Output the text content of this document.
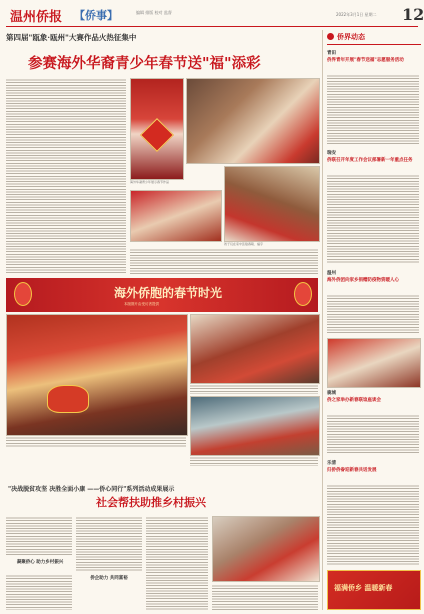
温州侨报 【侨事】	编辑 排版 校对 监督	2022年3月1日 星期二 12
第四届"瓯象·瓯州"大赛作品火热征集中
参赛海外华裔青少年春节送"福"添彩
海外华裔青少年展示春节作品
孩子们在家中张贴春联、福字
海外侨胞的春节时光
本版图片由受访者提供
"决战脱贫攻坚 决胜全面小康 ——侨心同行"系列活动成果展示
社会帮扶助推乡村振兴
凝聚侨心 助力乡村振兴
侨企助力 共同富裕
侨界动态
青田
侨界青年开展"春节送福"志愿服务活动
瑞安
侨联召开年度工作会议部署新一年重点任务
温州
海外侨团向家乡捐赠防疫物资暖人心
鹿城
侨之家举办新春联谊座谈会
乐清
归侨侨眷迎新春共话发展
福满侨乡 温暖新春
